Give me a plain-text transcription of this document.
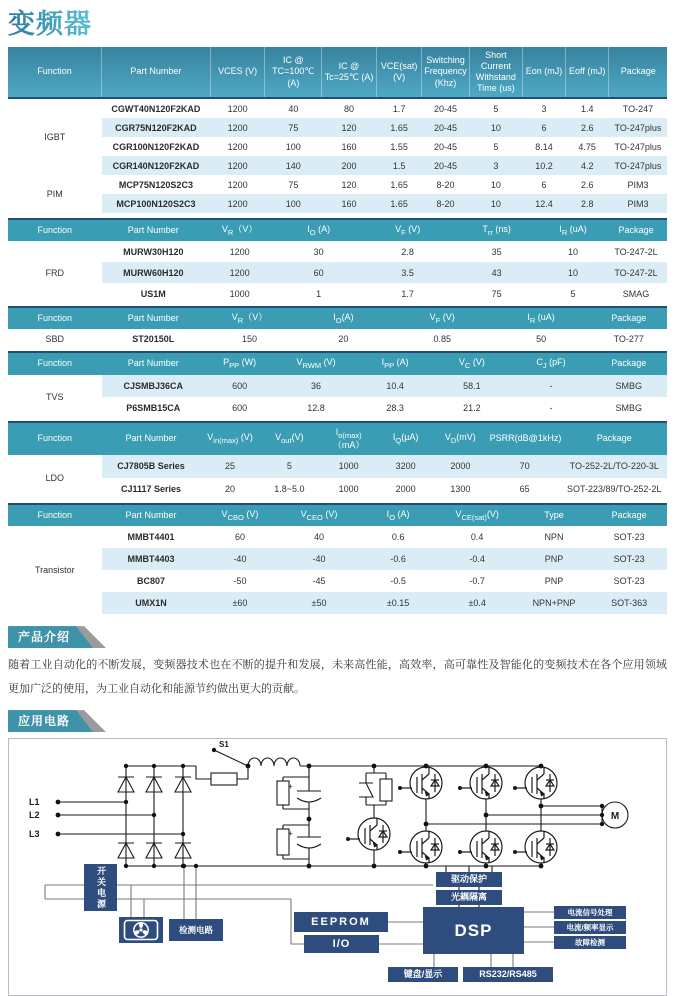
变频器
Function	Part Number	VCES (V)	IC @ TC=100℃ (A)	IC @ Tc=25℃ (A)	VCE(sat) (V)	Switching Frequency (Khz)	Short Current Withstand Time (us)	Eon (mJ)	Eoff (mJ)	Package
IGBT	CGWT40N120F2KAD	1200	40	80	1.7	20-45	5	3	1.4	TO-247
	CGR75N120F2KAD	1200	75	120	1.65	20-45	10	6	2.6	TO-247plus
	CGR100N120F2KAD	1200	100	160	1.55	20-45	5	8.14	4.75	TO-247plus
	CGR140N120F2KAD	1200	140	200	1.5	20-45	3	10.2	4.2	TO-247plus
PIM	MCP75N120S2C3	1200	75	120	1.65	8-20	10	6	2.6	PIM3
	MCP100N120S2C3	1200	100	160	1.65	8-20	10	12.4	2.8	PIM3
Function	Part Number	$V_R(V)$	$I_O$ (A)	$V_F$ (V)	$T_{rr}$ (ns)	$I_R$ (uA)	Package
FRD	MURW30H120	1200	30	2.8	35	10	TO-247-2L
	MURW60H120	1200	60	3.5	43	10	TO-247-2L
	US1M	1000	1	1.7	75	5	SMAG
Function	Part Number	$V_R(V)$	$I_O(A)$	$V_F$ (V)	$I_R$ (uA)	Package
SBD	ST20150L	150	20	0.85	50	TO-277
Function	Part Number	$P_{PP}$ (W)	$V_{RWM}$ (V)	$I_{PP}$ (A)	$V_C$ (V)	$C_J$ (pF)	Package
TVS	CJSMBJ36CA	600	36	10.4	58.1	-	SMBG
	P6SMB15CA	600	12.8	28.3	21.2	-	SMBG
Function	Part Number	$V_{in(max)}$ (V)	$V_{out}(V)$	$I_{o(max)}(mA)$	$I_Q(\mu A)$	$V_D(mV)$	PSRR(dB@1kHz)	Package
LDO	CJ7805B Series	25	5	1000	3200	2000	70	TO-252-2L/TO-220-3L
	CJ1117 Series	20	1.8~5.0	1000	2000	1300	65	SOT-223/89/TO-252-2L
Function	Part Number	$V_{CBO}$ (V)	$V_{CEO}$ (V)	$I_O$ (A)	$V_{CE(sat)}(V)$	Type	Package
Transistor	MMBT4401	60	40	0.6	0.4	NPN	SOT-23
	MMBT4403	-40	-40	-0.6	-0.4	PNP	SOT-23
	BC807	-50	-45	-0.5	-0.7	PNP	SOT-23
	UMX1N	±60	±50	±0.15	±0.4	NPN+PNP	SOT-363
产品介绍

随着工业自动化的不断发展，变频器技术也在不断的提升和发展，未来高性能，高效率，高可靠性及智能化的变频技术在各个应用领域更加广泛的使用，为工业自动化和能源节约做出更大的贡献。

应用电路
L1
L2
L3
S1
M
+
+
开关电源
检测电路
驱动保护
光耦隔离
DSP
EEPROM
I/O
键盘/显示	RS232/RS485
电流信号处理
电流/频率显示
故障检测
